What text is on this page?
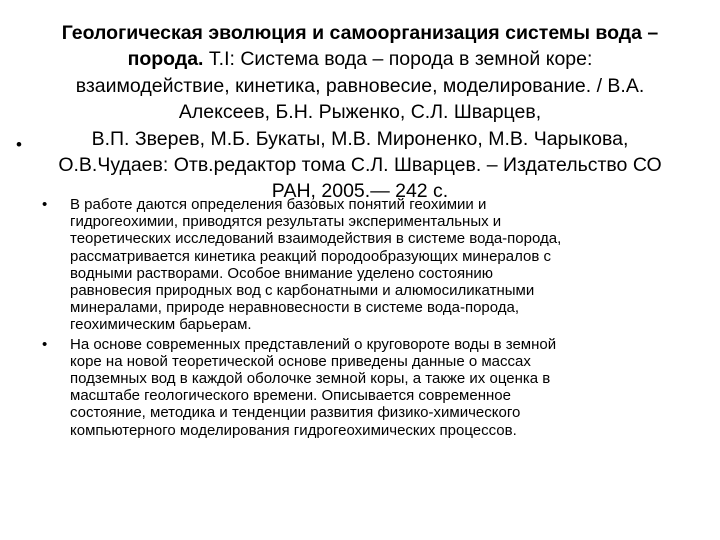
Геологическая эволюция и самоорганизация системы вода –
порода. Т.I: Система вода – порода в земной коре:
взаимодействие, кинетика, равновесие, моделирование. / В.А.
Алексеев, Б.Н. Рыженко, С.Л. Шварцев,
В.П. Зверев, М.Б. Букаты, М.В. Мироненко, М.В. Чарыкова,
О.В.Чудаев: Отв.редактор тома С.Л. Шварцев. – Издательство СО
РАН, 2005.— 242 с.
•
• В работе даются определения базовых понятий геохимии и
гидрогеохимии, приводятся результаты экспериментальных и
теоретических исследований взаимодействия в системе вода-порода,
рассматривается кинетика реакций породообразующих минералов с
водными растворами. Особое внимание уделено состоянию
равновесия природных вод с карбонатными и алюмосиликатными
минералами, природе неравновесности в системе вода-порода,
геохимическим барьерам.
• На основе современных представлений о круговороте воды в земной
коре на новой теоретической основе приведены данные о массах
подземных вод в каждой оболочке земной коры, а также их оценка в
масштабе геологического времени. Описывается современное
состояние, методика и тенденции развития физико-химического
компьютерного моделирования гидрогеохимических процессов.
